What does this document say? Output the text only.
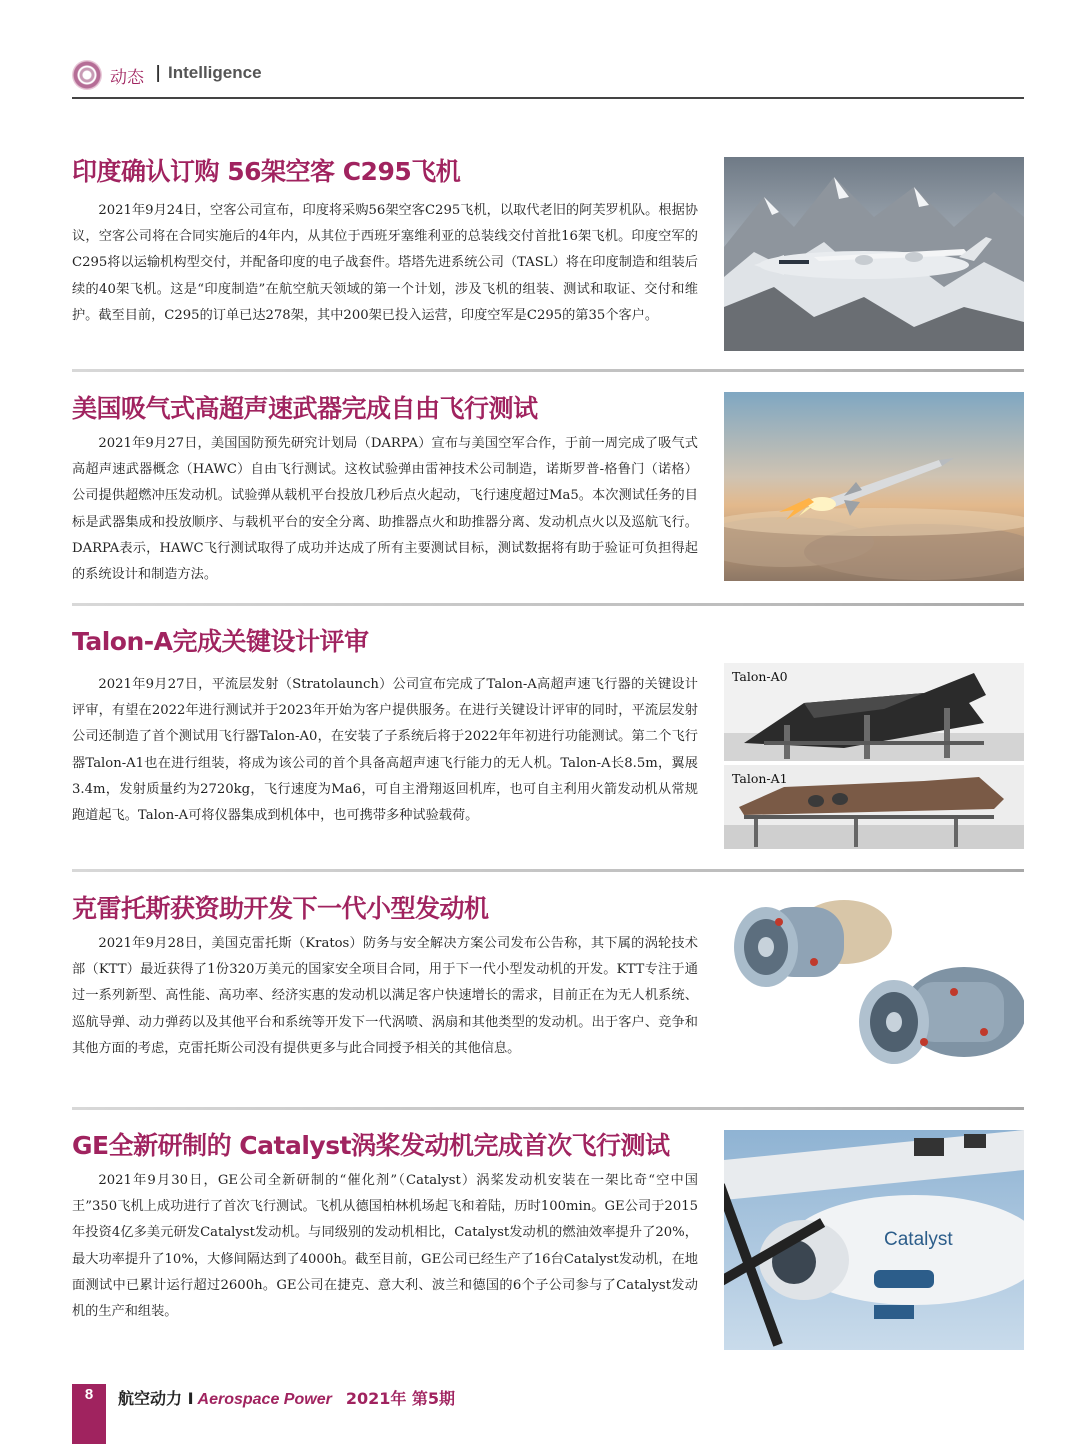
动态 | Intelligence
印度确认订购 56架空客 C295飞机

2021年9月24日，空客公司宣布，印度将采购56架空客C295飞机，以取代老旧的阿芙罗机队。根据协议，空客公司将在合同实施后的4年内，从其位于西班牙塞维利亚的总装线交付首批16架飞机。印度空军的C295将以运输机构型交付，并配备印度的电子战套件。塔塔先进系统公司（TASL）将在印度制造和组装后续的40架飞机。这是“印度制造”在航空航天领域的第一个计划，涉及飞机的组装、测试和取证、交付和维护。截至目前，C295的订单已达278架，其中200架已投入运营，印度空军是C295的第35个客户。

美国吸气式高超声速武器完成自由飞行测试

2021年9月27日，美国国防预先研究计划局（DARPA）宣布与美国空军合作，于前一周完成了吸气式高超声速武器概念（HAWC）自由飞行测试。这枚试验弹由雷神技术公司制造，诺斯罗普-格鲁门（诺格）公司提供超燃冲压发动机。试验弹从载机平台投放几秒后点火起动，飞行速度超过Ma5。本次测试任务的目标是武器集成和投放顺序、与载机平台的安全分离、助推器点火和助推器分离、发动机点火以及巡航飞行。DARPA表示，HAWC飞行测试取得了成功并达成了所有主要测试目标，测试数据将有助于验证可负担得起的系统设计和制造方法。

Talon-A完成关键设计评审

2021年9月27日，平流层发射（Stratolaunch）公司宣布完成了Talon-A高超声速飞行器的关键设计评审，有望在2022年进行测试并于2023年开始为客户提供服务。在进行关键设计评审的同时，平流层发射公司还制造了首个测试用飞行器Talon-A0，在安装了子系统后将于2022年年初进行功能测试。第二个飞行器Talon-A1也在进行组装，将成为该公司的首个具备高超声速飞行能力的无人机。Talon-A长8.5m，翼展3.4m，发射质量约为2720kg，飞行速度为Ma6，可自主滑翔返回机库，也可自主利用火箭发动机从常规跑道起飞。Talon-A可将仪器集成到机体中，也可携带多种试验载荷。

Talon-A0
Talon-A1
克雷托斯获资助开发下一代小型发动机

2021年9月28日，美国克雷托斯（Kratos）防务与安全解决方案公司发布公告称，其下属的涡轮技术部（KTT）最近获得了1份320万美元的国家安全项目合同，用于下一代小型发动机的开发。KTT专注于通过一系列新型、高性能、高功率、经济实惠的发动机以满足客户快速增长的需求，目前正在为无人机系统、巡航导弹、动力弹药以及其他平台和系统等开发下一代涡喷、涡扇和其他类型的发动机。出于客户、竞争和其他方面的考虑，克雷托斯公司没有提供更多与此合同授予相关的其他信息。

GE全新研制的 Catalyst涡桨发动机完成首次飞行测试

2021年9月30日，GE公司全新研制的“催化剂”（Catalyst）涡桨发动机安装在一架比奇“空中国王”350飞机上成功进行了首次飞行测试。飞机从德国柏林机场起飞和着陆，历时100min。GE公司于2015年投资4亿多美元研发Catalyst发动机。与同级别的发动机相比，Catalyst发动机的燃油效率提升了20%，最大功率提升了10%，大修间隔达到了4000h。截至目前，GE公司已经生产了16台Catalyst发动机，在地面测试中已累计运行超过2600h。GE公司在捷克、意大利、波兰和德国的6个子公司参与了Catalyst发动机的生产和组装。

Catalyst
8	航空动力 I Aerospace Power 2021年 第5期
